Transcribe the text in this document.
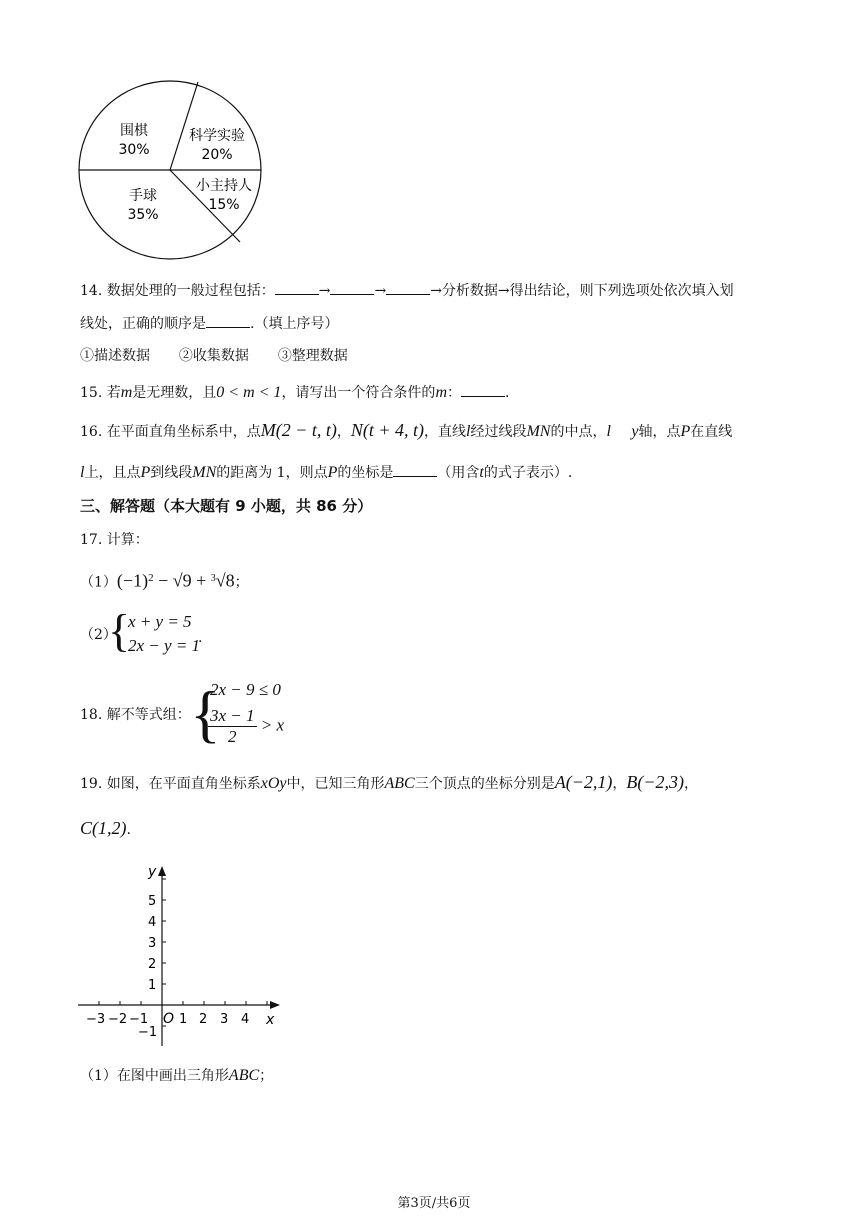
围棋
30%
科学实验
20%
手球
35%
小主持人
15%
14. 数据处理的一般过程包括：	→	→	→分析数据→得出结论，则下列选项处依次填入划
线处，正确的顺序是	.（填上序号）
①描述数据 ②收集数据 ③整理数据
15. 若m是无理数，且0 < m < 1，请写出一个符合条件的m：	.
16. 在平面直角坐标系中，点M(2 − t, t)，N(t + 4, t)，直线l经过线段MN的中点，l ⃞ y轴，点P在直线
l上，且点P到线段MN的距离为 1，则点P的坐标是	（用含t的式子表示）.
三、解答题（本大题有 9 小题，共 86 分）
17. 计算：
$(1)(-1)^2 - √9 + ^3√8$；
（2）
{
x + y = 5
2x − y = 1
.
18. 解不等式组： {
2x − 9 ≤ 0
$\frac{3x - 1}{2} > x$
19. 如图，在平面直角坐标系xOy中，已知三角形ABC三个顶点的坐标分别是A(−2,1)，B(−2,3)，
C(1,2).
y
x
O
5
4
3
2
1
−1
−3 −2 −1 1 2 3 4
（1）在图中画出三角形ABC；
第3页/共6页
